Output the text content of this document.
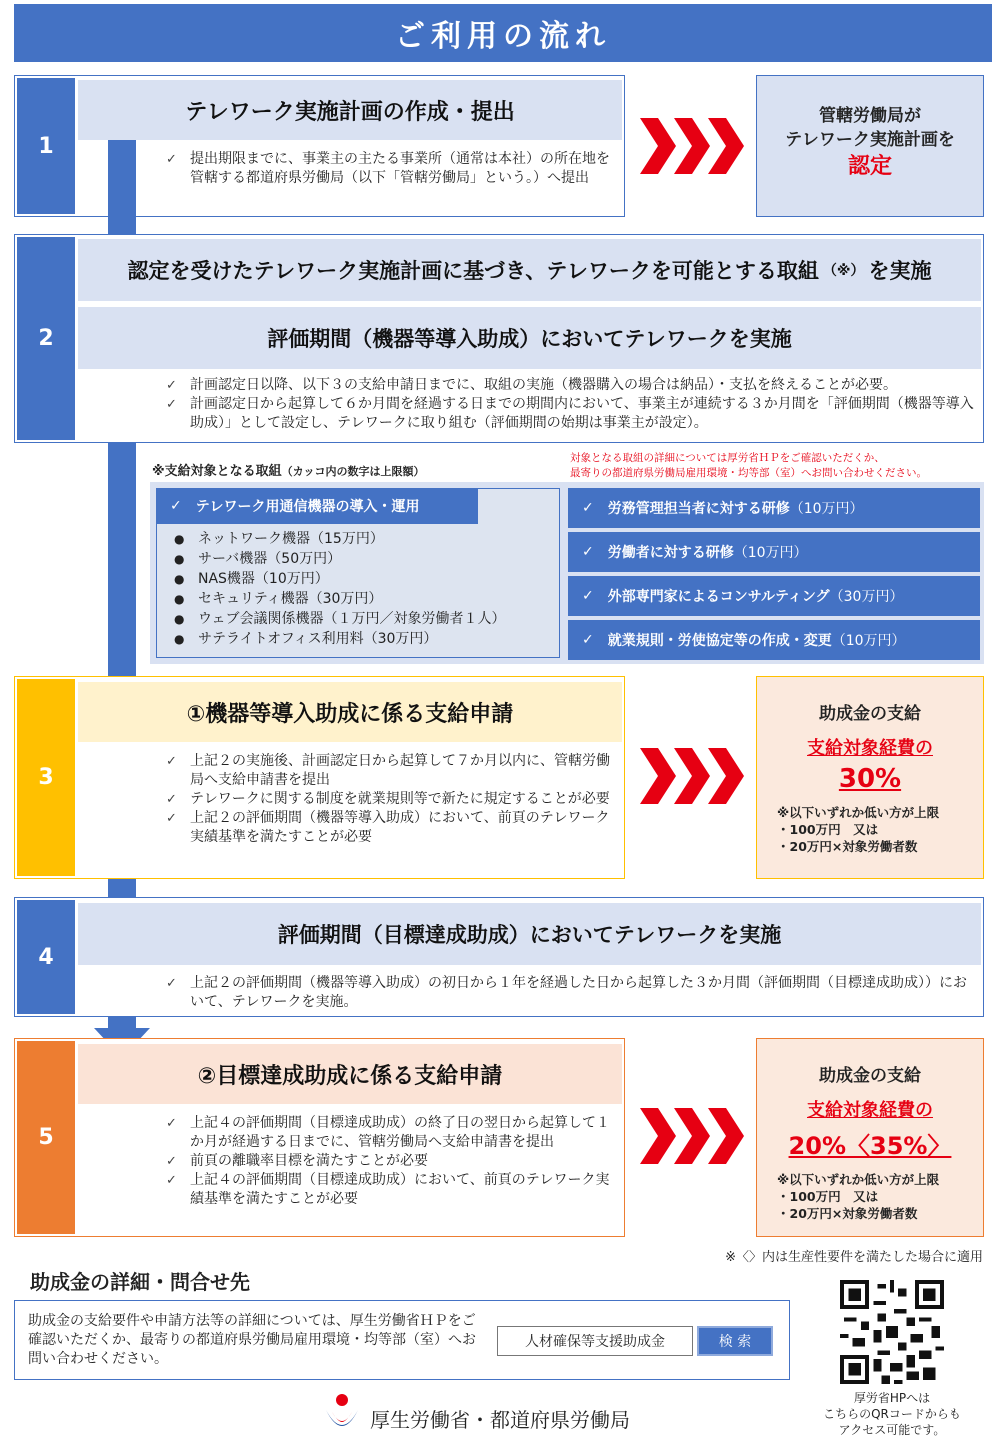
ご利用の流れ
1
テレワーク実施計画の作成・提出
✓ 提出期限までに、事業主の主たる事業所（通常は本社）の所在地を管轄する都道府県労働局（以下「管轄労働局」という。）へ提出
管轄労働局が
テレワーク実施計画を
認定
2
認定を受けたテレワーク実施計画に基づき、テレワークを可能とする取組 （※） を実施
評価期間（機器等導入助成）においてテレワークを実施
✓ 計画認定日以降、以下３の支給申請日までに、取組の実施（機器購入の場合は納品）・支払を終えることが必要。
✓ 計画認定日から起算して６か月間を経過する日までの期間内において、事業主が連続する３か月間を「評価期間（機器等導入助成）」として設定し、テレワークに取り組む（評価期間の始期は事業主が設定）。
※支給対象となる取組（カッコ内の数字は上限額）
対象となる取組の詳細については厚労省ＨＰをご確認いただくか、
最寄りの都道府県労働局雇用環境・均等部（室）へお問い合わせください。
✓ テレワーク用通信機器の導入・運用
● ネットワーク機器（15万円）
● サーバ機器（50万円）
● NAS機器（10万円）
● セキュリティ機器（30万円）
● ウェブ会議関係機器（１万円／対象労働者１人）
● サテライトオフィス利用料（30万円）
✓ 労務管理担当者に対する研修 （10万円）
✓ 労働者に対する研修 （10万円）
✓ 外部専門家によるコンサルティング （30万円）
✓ 就業規則・労使協定等の作成・変更 （10万円）
3
①機器等導入助成に係る支給申請
✓ 上記２の実施後、計画認定日から起算して７か月以内に、管轄労働局へ支給申請書を提出
✓ テレワークに関する制度を就業規則等で新たに規定することが必要
✓ 上記２の評価期間（機器等導入助成）において、前頁のテレワーク実績基準を満たすことが必要
助成金の支給
支給対象経費の
30%
※以下いずれか低い方が上限
・100万円　又は
・20万円×対象労働者数
4
評価期間（目標達成助成）においてテレワークを実施
✓ 上記２の評価期間（機器等導入助成）の初日から１年を経過した日から起算した３か月間（評価期間（目標達成助成））において、テレワークを実施。
5
②目標達成助成に係る支給申請
✓ 上記４の評価期間（目標達成助成）の終了日の翌日から起算して１か月が経過する日までに、管轄労働局へ支給申請書を提出
✓ 前頁の離職率目標を満たすことが必要
✓ 上記４の評価期間（目標達成助成）において、前頁のテレワーク実績基準を満たすことが必要
助成金の支給
支給対象経費の
20%〈35%〉
※以下いずれか低い方が上限
・100万円　又は
・20万円×対象労働者数
※〈〉内は生産性要件を満たした場合に適用
助成金の詳細・問合せ先
助成金の支給要件や申請方法等の詳細については、厚生労働省ＨＰをご確認いただくか、最寄りの都道府県労働局雇用環境・均等部（室）へお問い合わせください。
人材確保等支援助成金	検 索
厚生労働省・都道府県労働局
厚労省HPへは
こちらのQRコードからも
アクセス可能です。
